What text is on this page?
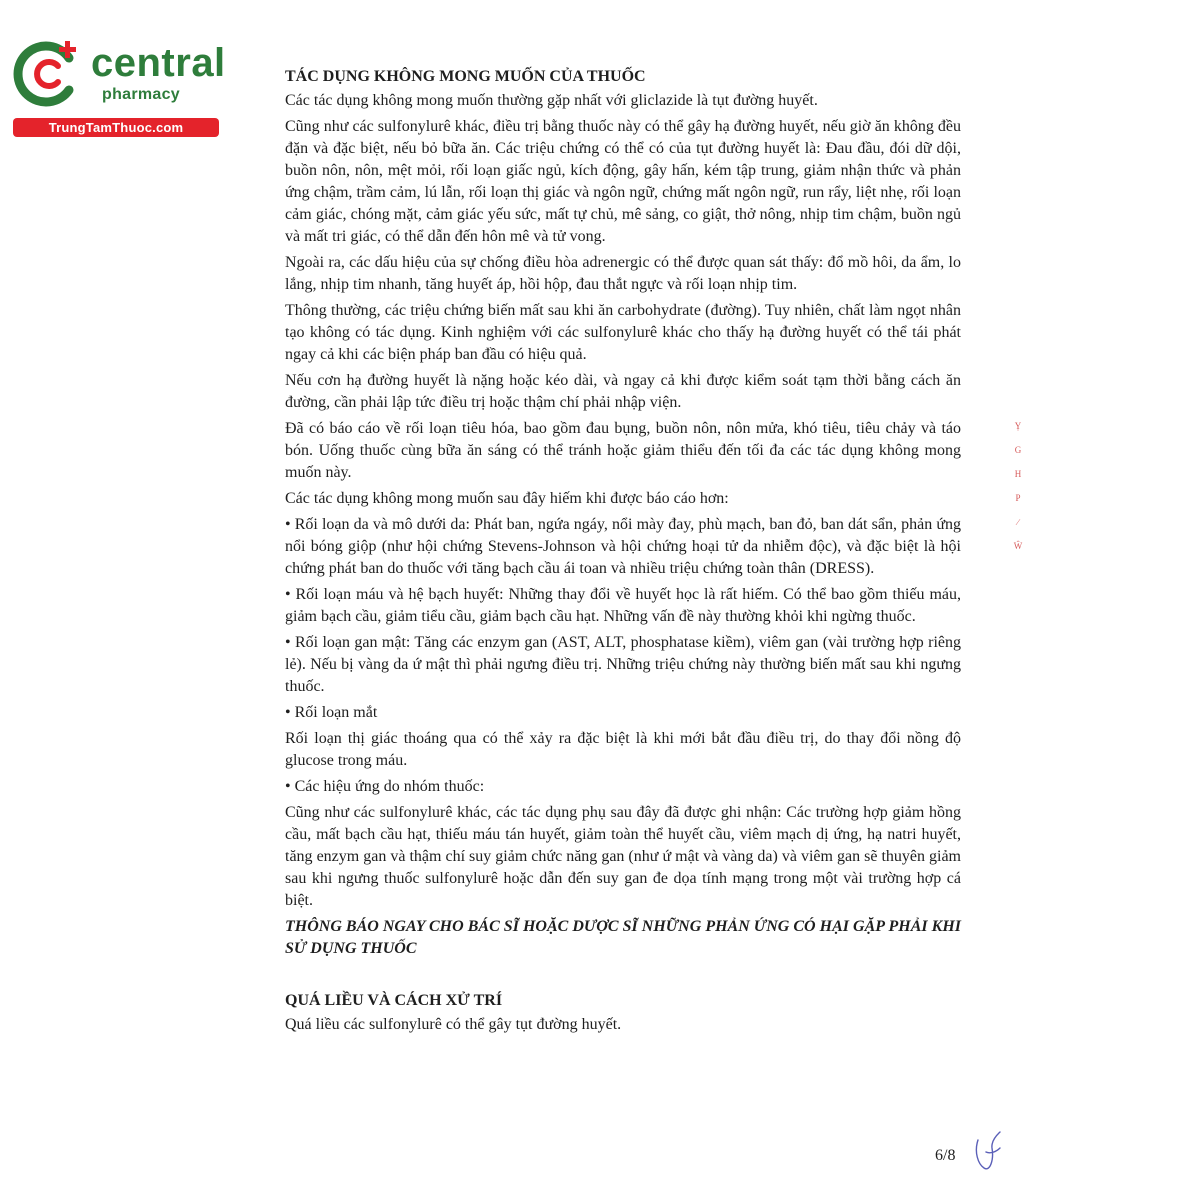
central
pharmacy
TrungTamThuoc.com
TÁC DỤNG KHÔNG MONG MUỐN CỦA THUỐC

Các tác dụng không mong muốn thường gặp nhất với gliclazide là tụt đường huyết.

Cũng như các sulfonylurê khác, điều trị bằng thuốc này có thể gây hạ đường huyết, nếu giờ ăn không đều đặn và đặc biệt, nếu bỏ bữa ăn. Các triệu chứng có thể có của tụt đường huyết là: Đau đầu, đói dữ dội, buồn nôn, nôn, mệt mỏi, rối loạn giấc ngủ, kích động, gây hấn, kém tập trung, giảm nhận thức và phản ứng chậm, trầm cảm, lú lẫn, rối loạn thị giác và ngôn ngữ, chứng mất ngôn ngữ, run rẩy, liệt nhẹ, rối loạn cảm giác, chóng mặt, cảm giác yếu sức, mất tự chủ, mê sảng, co giật, thở nông, nhịp tim chậm, buồn ngủ và mất tri giác, có thể dẫn đến hôn mê và tử vong.

Ngoài ra, các dấu hiệu của sự chống điều hòa adrenergic có thể được quan sát thấy: đổ mồ hôi, da ẩm, lo lắng, nhịp tim nhanh, tăng huyết áp, hồi hộp, đau thắt ngực và rối loạn nhịp tim.

Thông thường, các triệu chứng biến mất sau khi ăn carbohydrate (đường). Tuy nhiên, chất làm ngọt nhân tạo không có tác dụng. Kinh nghiệm với các sulfonylurê khác cho thấy hạ đường huyết có thể tái phát ngay cả khi các biện pháp ban đầu có hiệu quả.

Nếu cơn hạ đường huyết là nặng hoặc kéo dài, và ngay cả khi được kiểm soát tạm thời bằng cách ăn đường, cần phải lập tức điều trị hoặc thậm chí phải nhập viện.

Đã có báo cáo về rối loạn tiêu hóa, bao gồm đau bụng, buồn nôn, nôn mửa, khó tiêu, tiêu chảy và táo bón. Uống thuốc cùng bữa ăn sáng có thể tránh hoặc giảm thiểu đến tối đa các tác dụng không mong muốn này.

Các tác dụng không mong muốn sau đây hiếm khi được báo cáo hơn:

• Rối loạn da và mô dưới da: Phát ban, ngứa ngáy, nổi mày đay, phù mạch, ban đỏ, ban dát sẩn, phản ứng nổi bóng giộp (như hội chứng Stevens-Johnson và hội chứng hoại tử da nhiễm độc), và đặc biệt là hội chứng phát ban do thuốc với tăng bạch cầu ái toan và nhiều triệu chứng toàn thân (DRESS).

• Rối loạn máu và hệ bạch huyết: Những thay đổi về huyết học là rất hiếm. Có thể bao gồm thiếu máu, giảm bạch cầu, giảm tiểu cầu, giảm bạch cầu hạt. Những vấn đề này thường khỏi khi ngừng thuốc.

• Rối loạn gan mật: Tăng các enzym gan (AST, ALT, phosphatase kiềm), viêm gan (vài trường hợp riêng lẻ). Nếu bị vàng da ứ mật thì phải ngưng điều trị. Những triệu chứng này thường biến mất sau khi ngưng thuốc.

• Rối loạn mắt

Rối loạn thị giác thoáng qua có thể xảy ra đặc biệt là khi mới bắt đầu điều trị, do thay đổi nồng độ glucose trong máu.

• Các hiệu ứng do nhóm thuốc:

Cũng như các sulfonylurê khác, các tác dụng phụ sau đây đã được ghi nhận: Các trường hợp giảm hồng cầu, mất bạch cầu hạt, thiếu máu tán huyết, giảm toàn thể huyết cầu, viêm mạch dị ứng, hạ natri huyết, tăng enzym gan và thậm chí suy giảm chức năng gan (như ứ mật và vàng da) và viêm gan sẽ thuyên giảm sau khi ngưng thuốc sulfonylurê hoặc dẫn đến suy gan đe dọa tính mạng trong một vài trường hợp cá biệt.

THÔNG BÁO NGAY CHO BÁC SĨ HOẶC DƯỢC SĨ NHỮNG PHẢN ỨNG CÓ HẠI GẶP PHẢI KHI SỬ DỤNG THUỐC

QUÁ LIỀU VÀ CÁCH XỬ TRÍ

Quá liều các sulfonylurê có thể gây tụt đường huyết.

Ỵ
G
H
P
∕
Ŵ
6/8
